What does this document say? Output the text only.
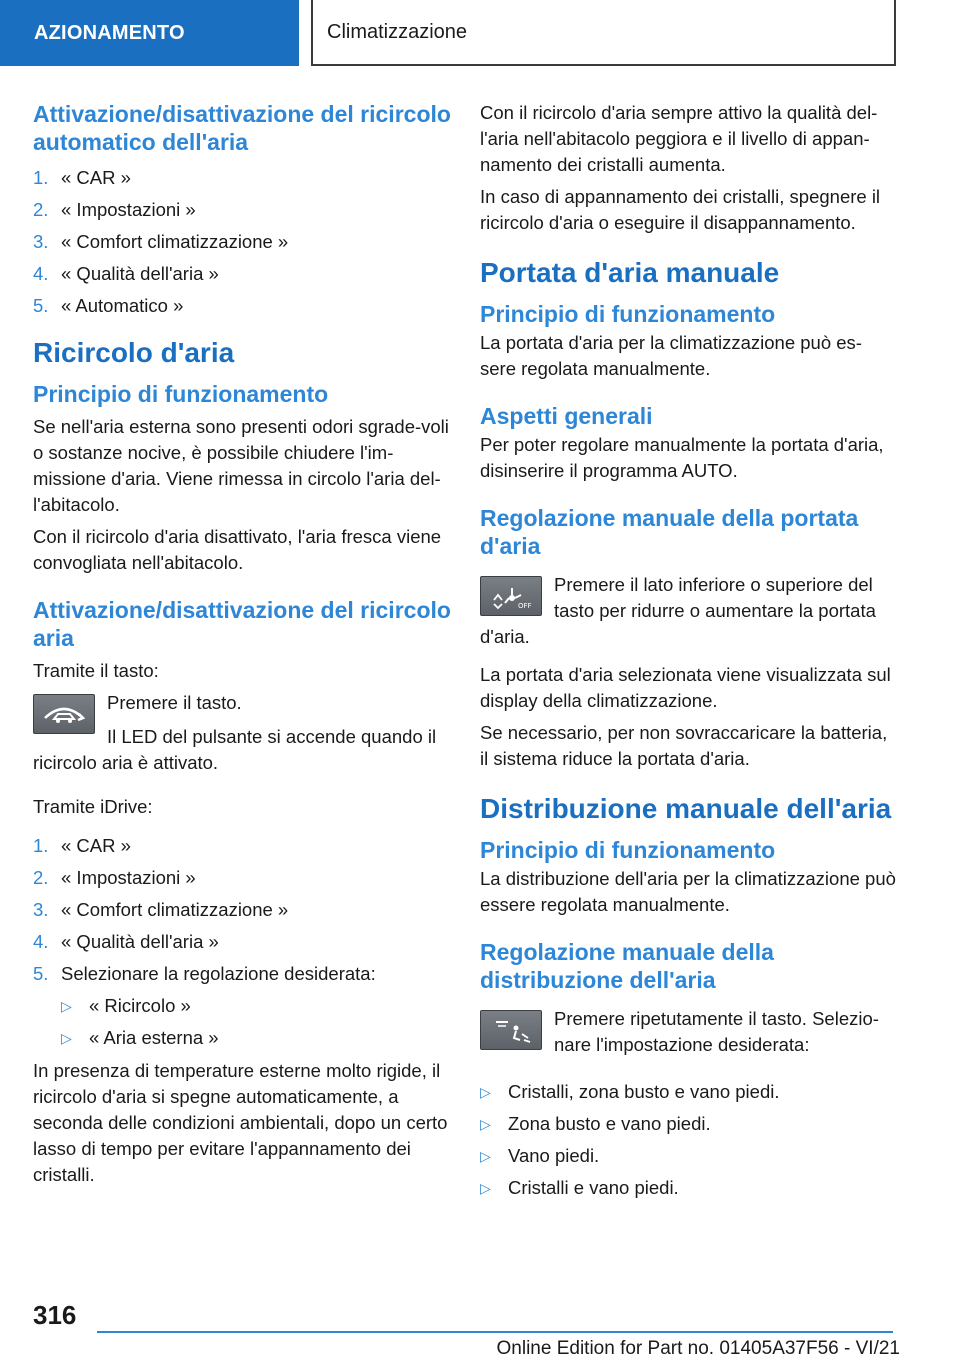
AZIONAMENTO	Climatizzazione
Attivazione/disattivazione del ricircolo automatico dell'aria
1. « CAR »
2. « Impostazioni »
3. « Comfort climatizzazione »
4. « Qualità dell'aria »
5. « Automatico »
Ricircolo d'aria
Principio di funzionamento

Se nell'aria esterna sono presenti odori sgrade-voli o sostanze nocive, è possibile chiudere l'im-missione d'aria. Viene rimessa in circolo l'aria del-l'abitacolo.

Con il ricircolo d'aria disattivato, l'aria fresca viene convogliata nell'abitacolo.

Attivazione/disattivazione del ricircolo aria

Tramite il tasto:

Premere il tasto.

Il LED del pulsante si accende quando il ricircolo aria è attivato.

Tramite iDrive:

1. « CAR »
2. « Impostazioni »
3. « Comfort climatizzazione »
4. « Qualità dell'aria »
5. Selezionare la regolazione desiderata:
▷ « Ricircolo »
▷ « Aria esterna »

In presenza di temperature esterne molto rigide, il ricircolo d'aria si spegne automaticamente, a seconda delle condizioni ambientali, dopo un certo lasso di tempo per evitare l'appannamento dei cristalli.

Con il ricircolo d'aria sempre attivo la qualità del-l'aria nell'abitacolo peggiora e il livello di appan-namento dei cristalli aumenta.

In caso di appannamento dei cristalli, spegnere il ricircolo d'aria o eseguire il disappannamento.

Portata d'aria manuale
Principio di funzionamento

La portata d'aria per la climatizzazione può es-sere regolata manualmente.

Aspetti generali

Per poter regolare manualmente la portata d'aria, disinserire il programma AUTO.

Regolazione manuale della portata d'aria
OFF

Premere il lato inferiore o superiore del tasto per ridurre o aumentare la portata d'aria.

La portata d'aria selezionata viene visualizzata sul display della climatizzazione.

Se necessario, per non sovraccaricare la batteria, il sistema riduce la portata d'aria.

Distribuzione manuale dell'aria
Principio di funzionamento

La distribuzione dell'aria per la climatizzazione può essere regolata manualmente.

Regolazione manuale della distribuzione dell'aria

Premere ripetutamente il tasto. Selezio-nare l'impostazione desiderata:

▷ Cristalli, zona busto e vano piedi.
▷ Zona busto e vano piedi.
▷ Vano piedi.
▷ Cristalli e vano piedi.
316
Online Edition for Part no. 01405A37F56 - VI/21
